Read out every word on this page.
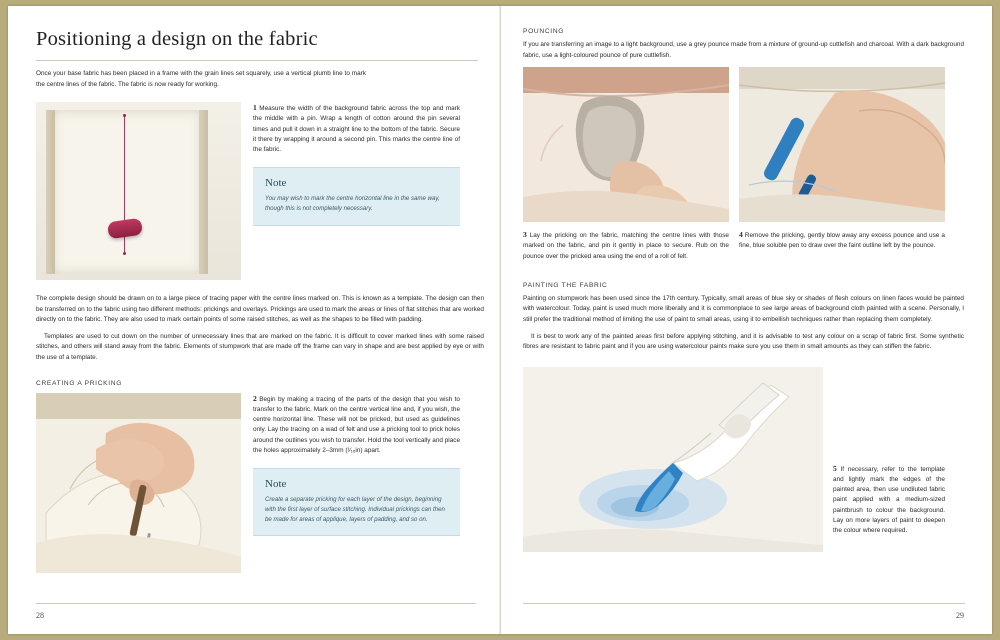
Positioning a design on the fabric

Once your base fabric has been placed in a frame with the grain lines set squarely, use a vertical plumb line to mark the centre lines of the fabric. The fabric is now ready for working.

1 Measure the width of the background fabric across the top and mark the middle with a pin. Wrap a length of cotton around the pin several times and pull it down in a straight line to the bottom of the fabric. Secure it there by wrapping it around a second pin. This marks the centre line of the fabric.

Note
You may wish to mark the centre horizontal line in the same way, though this is not completely necessary.

The complete design should be drawn on to a large piece of tracing paper with the centre lines marked on. This is known as a template. The design can then be transferred on to the fabric using two different methods: prickings and overlays. Prickings are used to mark the areas or lines of flat stitches that are worked directly on to the fabric. They are also used to mark certain points of some raised stitches, as well as the shapes to be filled with padding.

Templates are used to cut down on the number of unnecessary lines that are marked on the fabric. It is difficult to cover marked lines with some raised stitches, and others will stand away from the fabric. Elements of stumpwork that are made off the frame can vary in shape and are best applied by eye or with the use of a template.

CREATING A PRICKING

2 Begin by making a tracing of the parts of the design that you wish to transfer to the fabric. Mark on the centre vertical line and, if you wish, the centre horizontal line. These will not be pricked, but used as guidelines only. Lay the tracing on a wad of felt and use a pricking tool to prick holes around the outlines you wish to transfer. Hold the tool vertically and place the holes approximately 2–3mm (¹⁄₁₆in) apart.

Note
Create a separate pricking for each layer of the design, beginning with the first layer of surface stitching. Individual prickings can then be made for areas of applique, layers of padding, and so on.
28
POUNCING

If you are transferring an image to a light background, use a grey pounce made from a mixture of ground-up cuttlefish and charcoal. With a dark background fabric, use a light-coloured pounce of pure cuttlefish.

3 Lay the pricking on the fabric, matching the centre lines with those marked on the fabric, and pin it gently in place to secure. Rub on the pounce over the pricked area using the end of a roll of felt.

4 Remove the pricking, gently blow away any excess pounce and use a fine, blue soluble pen to draw over the faint outline left by the pounce.

PAINTING THE FABRIC

Painting on stumpwork has been used since the 17th century. Typically, small areas of blue sky or shades of flesh colours on linen faces would be painted with watercolour. Today, paint is used much more liberally and it is commonplace to see large areas of background cloth painted with a scene. Personally, I still prefer the traditional method of limiting the use of paint to small areas, using it to embellish techniques rather than replacing them completely.

It is best to work any of the painted areas first before applying stitching, and it is advisable to test any colour on a scrap of fabric first. Some synthetic fibres are resistant to fabric paint and if you are using watercolour paints make sure you use them in small amounts as they can stiffen the fabric.

5 If necessary, refer to the template and lightly mark the edges of the painted area, then use undiluted fabric paint applied with a medium-sized paintbrush to colour the background. Lay on more layers of paint to deepen the colour where required.

29
